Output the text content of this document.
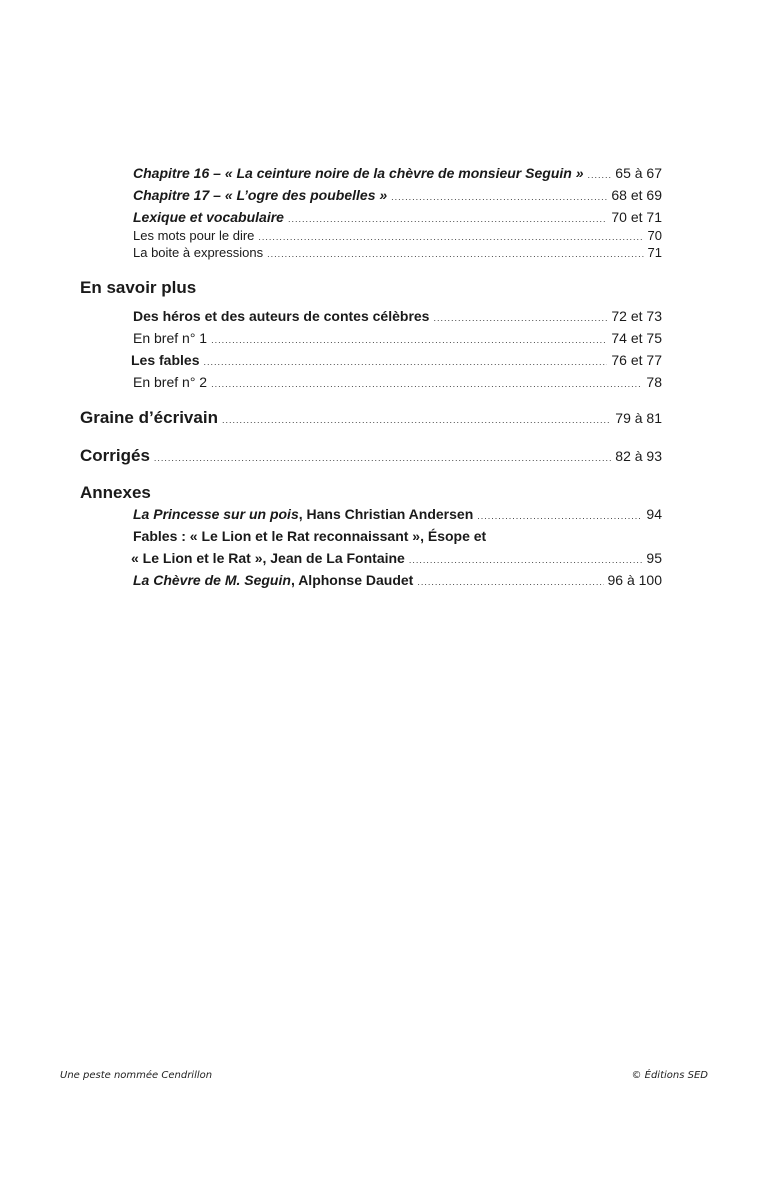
Chapitre 16 – « La ceinture noire de la chèvre de monsieur Seguin » ..... 65 à 67
Chapitre 17 – « L’ogre des poubelles » .....	68 et 69
Lexique et vocabulaire .....	70 et 71
Les mots pour le dire .....	70
La boite à expressions .....	71
En savoir plus
Des héros et des auteurs de contes célèbres .....	72 et 73
En bref n° 1 .....	74 et 75
Les fables .....	76 et 77
En bref n° 2 .....	78
Graine d’écrivain .....	79 à 81
Corrigés .....	82 à 93
Annexes
La Princesse sur un pois, Hans Christian Andersen .....	94
Fables : « Le Lion et le Rat reconnaissant », Ésope et
« Le Lion et le Rat », Jean de La Fontaine .....	95
La Chèvre de M. Seguin, Alphonse Daudet .....	96 à 100
Une peste nommée Cendrillon	© Éditions SED
